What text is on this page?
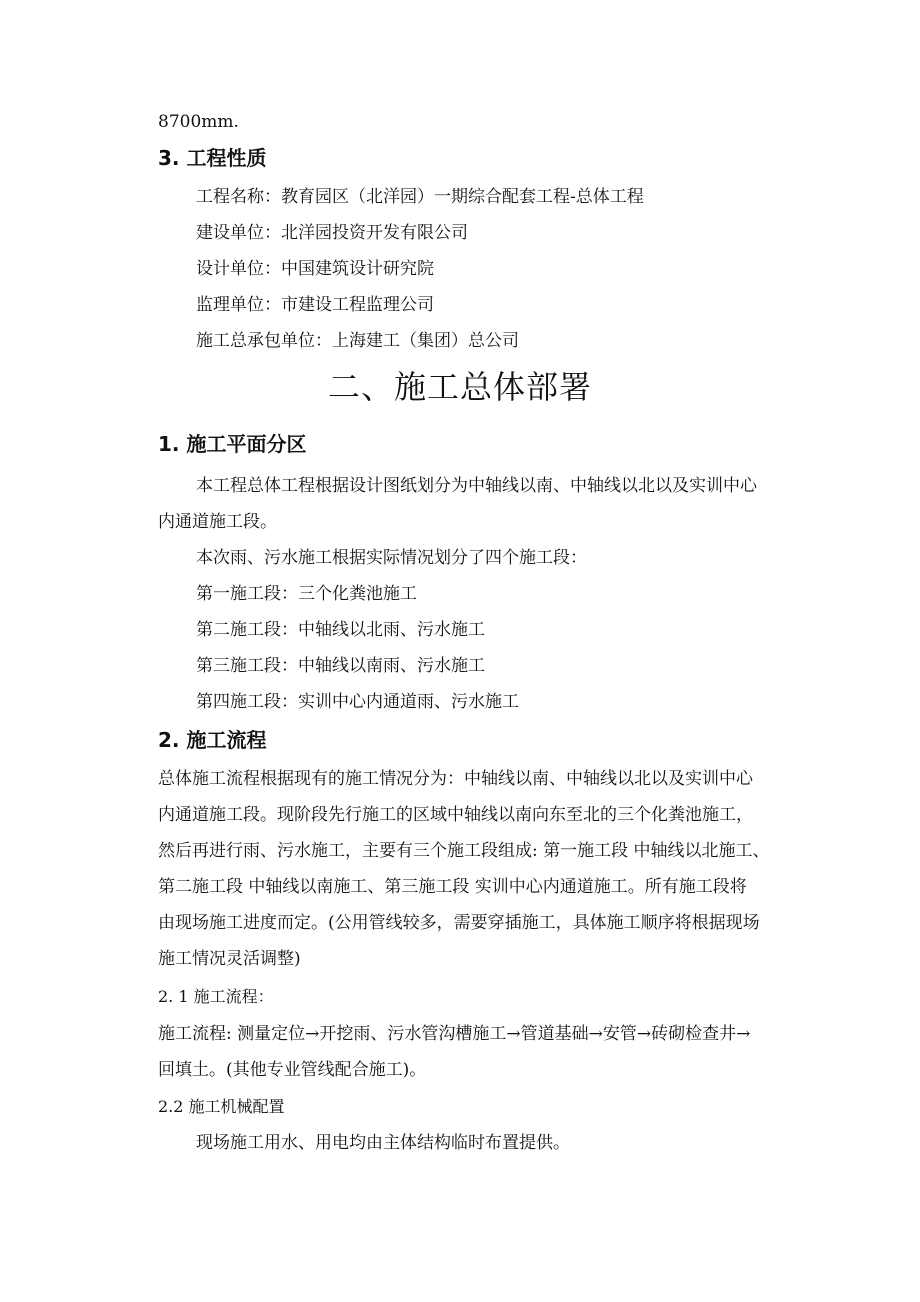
8700mm.
3. 工程性质
工程名称：教育园区（北洋园）一期综合配套工程-总体工程
建设单位：北洋园投资开发有限公司
设计单位：中国建筑设计研究院
监理单位：市建设工程监理公司
施工总承包单位：上海建工（集团）总公司
二、施工总体部署
1. 施工平面分区
本工程总体工程根据设计图纸划分为中轴线以南、中轴线以北以及实训中心
内通道施工段。
本次雨、污水施工根据实际情况划分了四个施工段：
第一施工段：三个化粪池施工
第二施工段：中轴线以北雨、污水施工
第三施工段：中轴线以南雨、污水施工
第四施工段：实训中心内通道雨、污水施工
2. 施工流程
总体施工流程根据现有的施工情况分为：中轴线以南、中轴线以北以及实训中心
内通道施工段。现阶段先行施工的区域中轴线以南向东至北的三个化粪池施工，
然后再进行雨、污水施工，主要有三个施工段组成: 第一施工段 中轴线以北施工、
第二施工段 中轴线以南施工、第三施工段 实训中心内通道施工。所有施工段将
由现场施工进度而定。(公用管线较多，需要穿插施工，具体施工顺序将根据现场
施工情况灵活调整)
2. 1 施工流程：
施工流程: 测量定位→开挖雨、污水管沟槽施工→管道基础→安管→砖砌检查井→
回填土。(其他专业管线配合施工)。
2.2 施工机械配置
现场施工用水、用电均由主体结构临时布置提供。
